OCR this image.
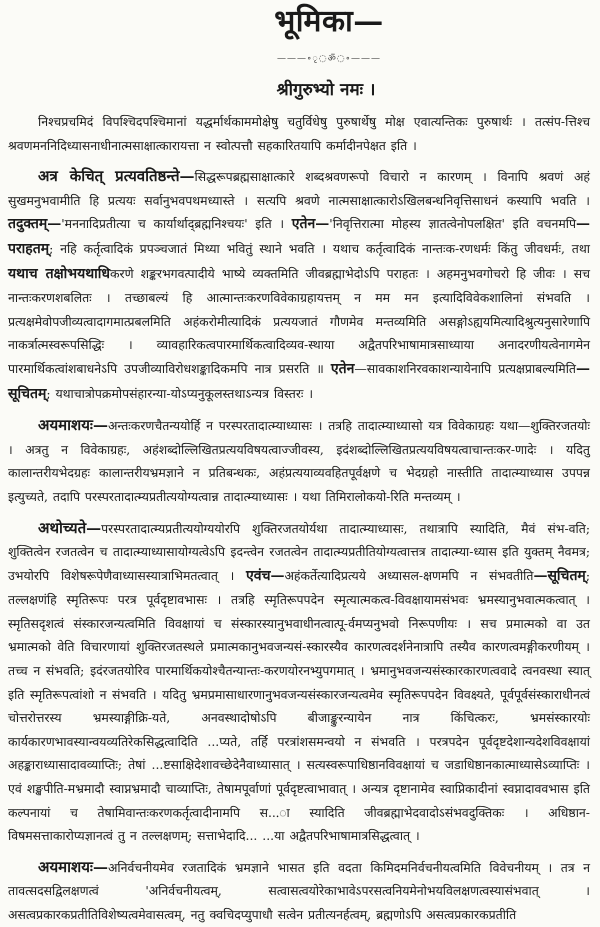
भूमिका—
———∘◌ृ◌ॐ◌∘———
श्रीगुरुभ्यो नमः ।

निश्चप्रचमिदं विपश्चिदपश्चिमानां यद्धर्मार्थकाममोक्षेषु चतुर्विधेषु पुरुषार्थेषु मोक्ष एवात्यन्तिकः पुरुषार्थः । तत्संप-त्तिश्च श्रवणमननिदिध्यासनाधीनात्मसाक्षात्कारायत्ता न स्वोत्पत्तौ सहकारितयापि कर्मादीनपेक्षत इति ।

अत्र केचित् प्रत्यवतिष्ठन्ते—सिद्धरूपब्रह्मसाक्षात्कारे शब्दश्रवणरूपो विचारो न कारणम् । विनापि श्रवणं अहं सुखमनुभवामीति हि प्रत्ययः सर्वानुभवपथमध्यास्ते । सत्यपि श्रवणे नात्मसाक्षात्कारोऽखिलबन्धनिवृत्तिसाधनं कस्यापि भवति । तदुक्तम्—'मननादिप्रतीत्या च कार्यार्थाद्ब्रह्मनिश्चयः' इति । एतेन—'निवृत्तिरात्मा मोहस्य ज्ञातत्वेनोपलक्षित' इति वचनमपि—पराहतम्; नहि कर्तृत्वादिकं प्रपञ्चजातं मिथ्या भवितुं स्थाने भवति । यथाच कर्तृत्वादिकं नान्तःक-रणधर्मः किंतु जीवधर्मः, तथा यथाच तक्षोभयथाधिकरणे शङ्करभगवत्पादीये भाष्ये व्यक्तमिति जीवब्रह्माभेदोऽपि पराहतः । अहमनुभवगोचरो हि जीवः । सच नान्तःकरणशबलितः । तच्छाबल्यं हि आत्मान्तःकरणविवेकाग्रहायत्तम् न मम मन इत्यादिविवेकशालिनां संभवति । प्रत्यक्षमेवोपजीव्यत्वादागमात्प्रबलमिति अहंकरोमीत्यादिकं प्रत्ययजातं गौणमेव मन्तव्यमिति असङ्गोऽह्ययमित्यादिश्रुत्यनुसारेणापि नाकर्त्रात्मस्वरूपसिद्धिः । व्यावहारिकत्वपारमार्थिकत्वादिव्यव-स्थाया अद्वैतपरिभाषामात्रसाध्याया अनादरणीयत्वेनागमेन पारमार्थिकत्वांशबाधनेऽपि उपजीव्याविरोधशङ्कादिकमपि नात्र प्रसरति ॥ एतेन—सावकाशनिरवकाशन्यायेनापि प्रत्यक्षप्राबल्यमिति—सूचितम्; यथाचात्रोपक्रमोपसंहारन्या-योऽप्यनुकूलस्तथाऽन्यत्र विस्तरः ।

अयमाशयः—अन्तःकरणचैतन्ययोर्हि न परस्परतादात्म्याध्यासः । तत्रहि तादात्म्याध्यासो यत्र विवेकाग्रहः यथा—शुक्तिरजतयोः । अत्रतु न विवेकाग्रहः, अहंशब्दोल्लिखितप्रत्ययविषयत्वाज्जीवस्य, इदंशब्दोल्लिखितप्रत्ययविषयत्वाचान्तःकर-णादेः । यदितु कालान्तरीयभेदग्रहः कालान्तरीयभ्रमज्ञाने न प्रतिबन्धकः, अहंप्रत्ययाव्यवहितपूर्वक्षणे च भेदग्रहो नास्तीति तादात्म्याध्यास उपपन्न इत्युच्यते, तदापि परस्परतादात्म्यप्रतीत्ययोग्यत्वान्न तादात्म्याध्यासः । यथा तिमिरालोकयो-रिति मन्तव्यम् ।

अथोच्यते—परस्परतादात्म्यप्रतीत्ययोग्ययोरपि शुक्तिरजतयोर्यथा तादात्म्याध्यासः, तथात्रापि स्यादिति, मैवं संभ-वति; शुक्तित्वेन रजतत्वेन च तादात्म्याध्यासायोग्यत्वेऽपि इदन्त्वेन रजतत्वेन तादात्म्यप्रतीतियोग्यत्वात्तत्र तादात्म्या-ध्यास इति युक्तम् नैवमत्र; उभयोरपि विशेषरूपेणैवाध्यासस्यात्राभिमतत्वात् । एवंच—अहंकर्तेत्यादिप्रत्यये अध्यासल-क्षणमपि न संभवतीति—सूचितम्; तल्लक्षणंहि स्मृतिरूपः परत्र पूर्वदृष्टावभासः । तत्रहि स्मृतिरूपपदेन स्मृत्यात्मकत्व-विवक्षायामसंभवः भ्रमस्यानुभवात्मकत्वात् । स्मृतिसदृशत्वं संस्कारजन्यत्वमिति विवक्षायां च संस्कारस्यानुभवाधीनत्वात्पू-र्वमप्यनुभवो निरूपणीयः । सच प्रमात्मको वा उत भ्रमात्मको वेति विचारणायां शुक्तिरजतस्थले प्रमात्मकानुभवजन्यसं-स्कारस्यैव कारणत्वदर्शनेनात्रापि तस्यैव कारणत्वमङ्गीकरणीयम् । तच्च न संभवति; इदंरजतयोरिव पारमार्थिकयोश्चैतन्यान्तः-करणयोरनभ्युपगमात् । भ्रमानुभवजन्यसंस्कारकारणत्ववादे त्वनवस्था स्यात् इति स्मृतिरूपत्वांशो न संभवति । यदितु भ्रमप्रमासाधारणानुभवजन्यसंस्कारजन्यत्वमेव स्मृतिरूपपदेन विवक्ष्यते, पूर्वपूर्वसंस्काराधीनत्वं चोत्तरोत्तरस्य भ्रमस्याङ्गीक्रि-यते, अनवस्थादोषोऽपि बीजाङ्कुरन्यायेन नात्र किंचित्करः, भ्रमसंस्कारयोः कार्यकारणभावस्यान्वयव्यतिरेकसिद्धत्वादिति ...प्यते, तर्हि परत्रांशसमन्वयो न संभवति । परत्रपदेन पूर्वदृष्टदेशान्यदेशविवक्षायां अहङ्काराध्यासादावव्याप्तिः; तेषां ...ष्टसाक्षिदेशावच्छेदेनैवाध्यासात् । सत्यस्वरूपाधिष्ठानविवक्षायां च जडाधिष्ठानकात्माध्यासेऽव्याप्तिः । एवं शङ्खपीति-मभ्रमादौ स्वाप्नभ्रमादौ चाव्याप्तिः, तेषामपूर्वाणां पूर्वदृष्टत्वाभावात् । अन्यत्र दृष्टानामेव स्वाप्निकादीनां स्वप्नादाववभास इति कल्पनायां च तेषामिवान्तःकरणकर्तृत्वादीनामपि स...ा स्यादिति जीवब्रह्माभेदवादोऽसंभवदुक्तिकः । अधिष्ठान-विषमसत्ताकारोप्यज्ञानत्वं तु न तल्लक्षणम्; सत्ताभेदादि... ...या अद्वैतपरिभाषामात्रसिद्धत्वात् ।

अयमाशयः—अनिर्वचनीयमेव रजतादिकं भ्रमज्ञाने भासत इति वदता किमिदमनिर्वचनीयत्वमिति विवेचनीयम् । तत्र न तावत्सदसद्विलक्षणत्वं 'अनिर्वचनीयत्वम्, सत्वासत्वयोरेकाभावेऽपरसत्वनियमेनोभयविलक्षणत्वस्यासंभवात् । असत्वप्रकारकप्रतीतिविशेष्यत्वमेवासत्वम्, नतु क्वचिदप्युपाधौ सत्वेन प्रतीत्यनर्हत्वम्, ब्रह्मणोऽपि असत्वप्रकारकप्रतीति
